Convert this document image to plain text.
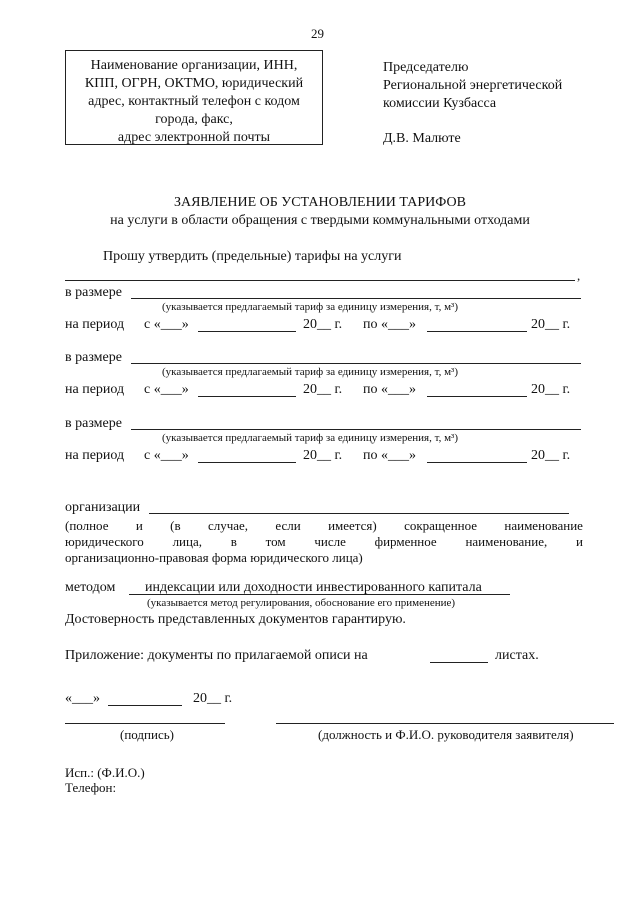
29
Наименование организации, ИНН,
КПП, ОГРН, ОКТМО, юридический
адрес, контактный телефон с кодом
города, факс,
адрес электронной почты
Председателю
Региональной энергетической
комиссии Кузбасса
Д.В. Малюте
ЗАЯВЛЕНИЕ ОБ УСТАНОВЛЕНИИ ТАРИФОВ
на услуги в области обращения с твердыми коммунальными отходами
Прошу утвердить (предельные) тарифы на услуги
,
в размере
(указывается предлагаемый тариф за единицу измерения, т, м³)
на период с «___»	20__ г. по «___»	20__ г.
в размере
(указывается предлагаемый тариф за единицу измерения, т, м³)
на период с «___»	20__ г. по «___»	20__ г.
в размере
(указывается предлагаемый тариф за единицу измерения, т, м³)
на период с «___»	20__ г. по «___»	20__ г.
организации
(полное и (в случае, если имеется) сокращенное наименование
юридического лица, в том числе фирменное наименование, и
организационно-правовая форма юридического лица)
методом индексации или доходности инвестированного капитала
(указывается метод регулирования, обоснование его применение)
Достоверность представленных документов гарантирую.
Приложение: документы по прилагаемой описи на	листах.
«___»	20__ г.
(подпись)	(должность и Ф.И.О. руководителя заявителя)
Исп.: (Ф.И.О.)
Телефон:
